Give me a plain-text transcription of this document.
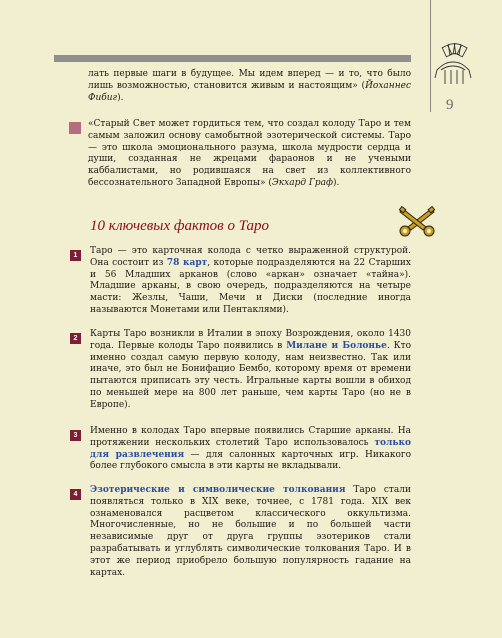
9
лать первые шаги в будущее. Мы идем вперед — и то, что было лишь возможностью, становится живым и настоящим» (Йоханнес Фибиг).
«Старый Свет может гордиться тем, что создал колоду Таро и тем самым заложил основу самобытной эзотерической системы. Таро — это школа эмоционального разума, школа мудрости сердца и души, созданная не жрецами фараонов и не учеными каббалистами, но родившаяся на свет из коллективного бессознательного Западной Европы» (Экхард Граф).
10 ключевых фактов о Таро
1	Таро — это карточная колода с четко выраженной структурой. Она состоит из 78 карт, которые подразделяются на 22 Старших и 56 Младших арканов (слово «аркан» означает «тайна»). Младшие арканы, в свою очередь, подразделяются на четыре масти: Жезлы, Чаши, Мечи и Диски (последние иногда называются Монетами или Пентаклями).
2	Карты Таро возникли в Италии в эпоху Возрождения, около 1430 года. Первые колоды Таро появились в Милане и Болонье. Кто именно создал самую первую колоду, нам неизвестно. Так или иначе, это был не Бонифацио Бембо, которому время от времени пытаются приписать эту честь. Игральные карты вошли в обиход по меньшей мере на 800 лет раньше, чем карты Таро (но не в Европе).
3	Именно в колодах Таро впервые появились Старшие арканы. На протяжении нескольких столетий Таро использовалось только для развлечения — для салонных карточных игр. Никакого более глубокого смысла в эти карты не вкладывали.
4	Эзотерические и символические толкования Таро стали появляться только в XIX веке, точнее, с 1781 года. XIX век ознаменовался расцветом классического оккультизма. Многочисленные, но не большие и по большей части независимые друг от друга группы эзотериков стали разрабатывать и углублять символические толкования Таро. И в этот же период приобрело большую популярность гадание на картах.
